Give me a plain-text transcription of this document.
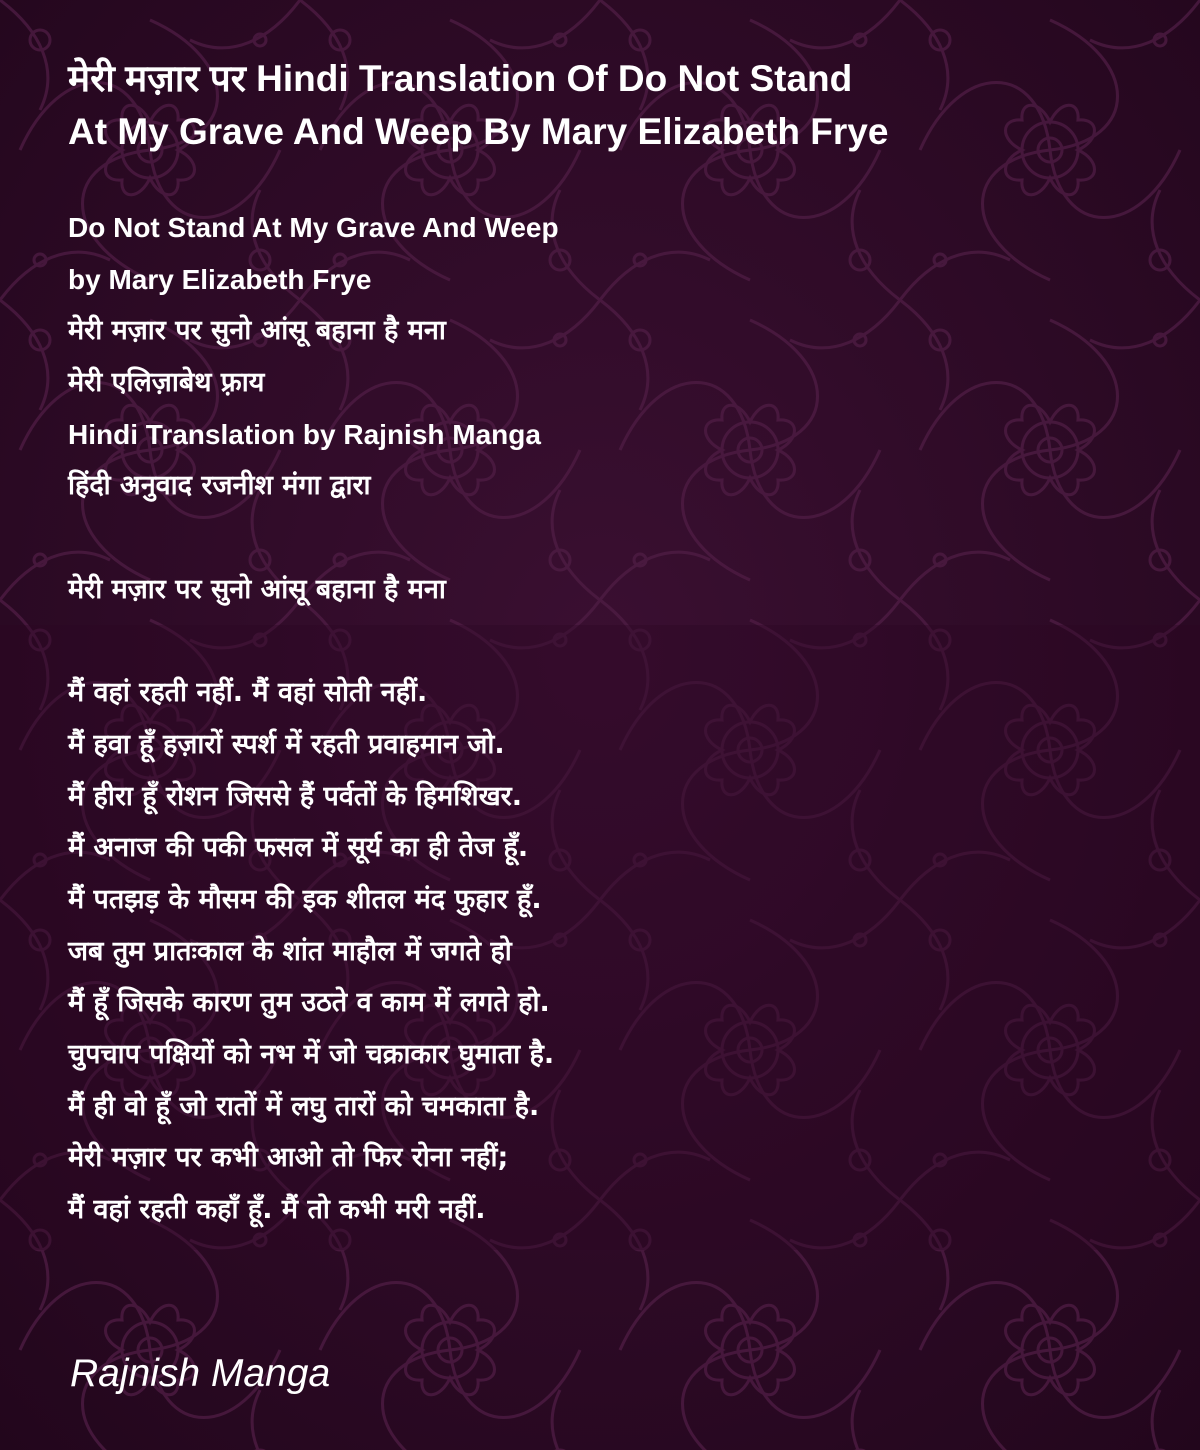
मेरी मज़ार पर Hindi Translation Of Do Not Stand
At My Grave And Weep By Mary Elizabeth Frye
Do Not Stand At My Grave And Weep
by Mary Elizabeth Frye
मेरी मज़ार पर सुनो आंसू बहाना है मना
मेरी एलिज़ाबेथ फ़्राय
Hindi Translation by Rajnish Manga
हिंदी अनुवाद रजनीश मंगा द्वारा
मेरी मज़ार पर सुनो आंसू बहाना है मना
मैं वहां रहती नहीं. मैं वहां सोती नहीं.
मैं हवा हूँ हज़ारों स्पर्श में रहती प्रवाहमान जो.
मैं हीरा हूँ रोशन जिससे हैं पर्वतों के हिमशिखर.
मैं अनाज की पकी फसल में सूर्य का ही तेज हूँ.
मैं पतझड़ के मौसम की इक शीतल मंद फुहार हूँ.
जब तुम प्रातःकाल के शांत माहौल में जगते हो
मैं हूँ जिसके कारण तुम उठते व काम में लगते हो.
चुपचाप पक्षियों को नभ में जो चक्राकार घुमाता है.
मैं ही वो हूँ जो रातों में लघु तारों को चमकाता है.
मेरी मज़ार पर कभी आओ तो फिर रोना नहीं;
मैं वहां रहती कहाँ हूँ. मैं तो कभी मरी नहीं.
Rajnish Manga
